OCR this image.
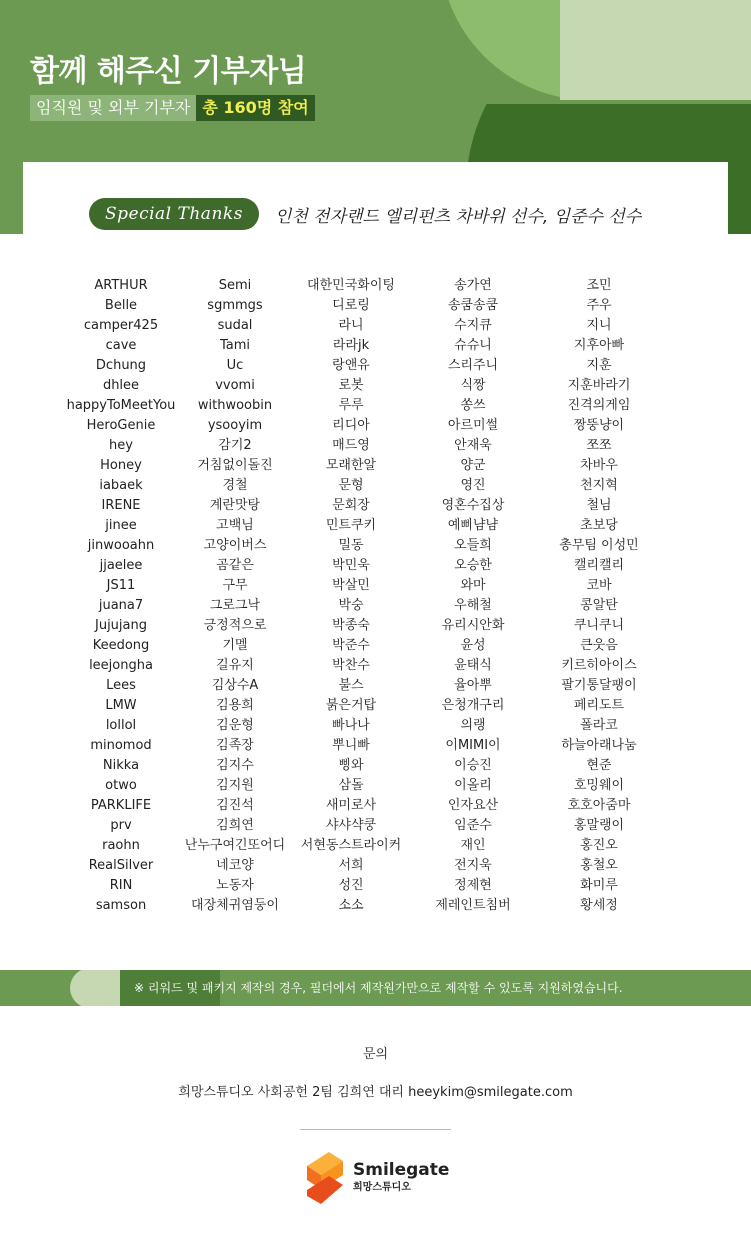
함께 해주신 기부자님
임직원 및 외부 기부자 총 160명 참여
Special Thanks	인천 전자랜드 엘리펀츠 차바위 선수, 임준수 선수
ARTHUR
Belle
camper425
cave
Dchung
dhlee
happyToMeetYou
HeroGenie
hey
Honey
iabaek
IRENE
jinee
jinwooahn
jjaelee
JS11
juana7
Jujujang
Keedong
leejongha
Lees
LMW
lollol
minomod
Nikka
otwo
PARKLIFE
prv
raohn
RealSilver
RIN
samson
Semi
sgmmgs
sudal
Tami
Uc
vvomi
withwoobin
ysooyim
감기2
거침없이돌진
경철
계란맛탕
고백님
고양이버스
곰같은
구무
그로그낙
긍정적으로
기멜
길유지
김상수A
김용희
김운형
김족장
김지수
김지원
김진석
김희연
난누구여긴또어디
네코양
노동자
대장체귀염둥이
대한민국화이팅
디로링
라니
라라jk
랑앤유
로봇
루루
리디아
매드영
모래한알
문형
문회장
민트쿠키
밀동
박민욱
박살민
박숭
박종숙
박준수
박찬수
불스
붉은거탑
빠나나
뿌니빠
삥와
삼돌
새미로사
샤샤샥쿵
서현동스트라이커
서희
성진
소소
송가연
송쿰송쿰
수지큐
슈슈니
스리주니
식짱
쏭쓰
아르미썰
안재욱
양군
영진
영혼수집상
예삐냠냠
오들희
오승한
와마
우해철
유리시안화
윤성
윤태식
율아뿌
은청개구리
의랭
이MIMI이
이승진
이올리
인자요산
임준수
재인
전지욱
정제현
제레인트침버
조민
주우
지니
지후아빠
지훈
지훈바라기
진격의게임
짱뚱냥이
쪼쪼
차바우
천지혁
철님
초보당
총무팀 이성민
캘리캘리
코바
콩알탄
쿠니쿠니
큰웃음
키르히아이스
팔기통달팽이
페리도트
폴라코
하늘아래나눔
현준
호밍웨이
호호아줌마
홍말랭이
홍진오
홍철오
화미루
황세정
※ 리워드 및 패키지 제작의 경우, 필더에서 제작원가만으로 제작할 수 있도록 지원하였습니다.
문의
희망스튜디오 사회공헌 2팀 김희연 대리 heeykim@smilegate.com
Smilegate
희망스튜디오
